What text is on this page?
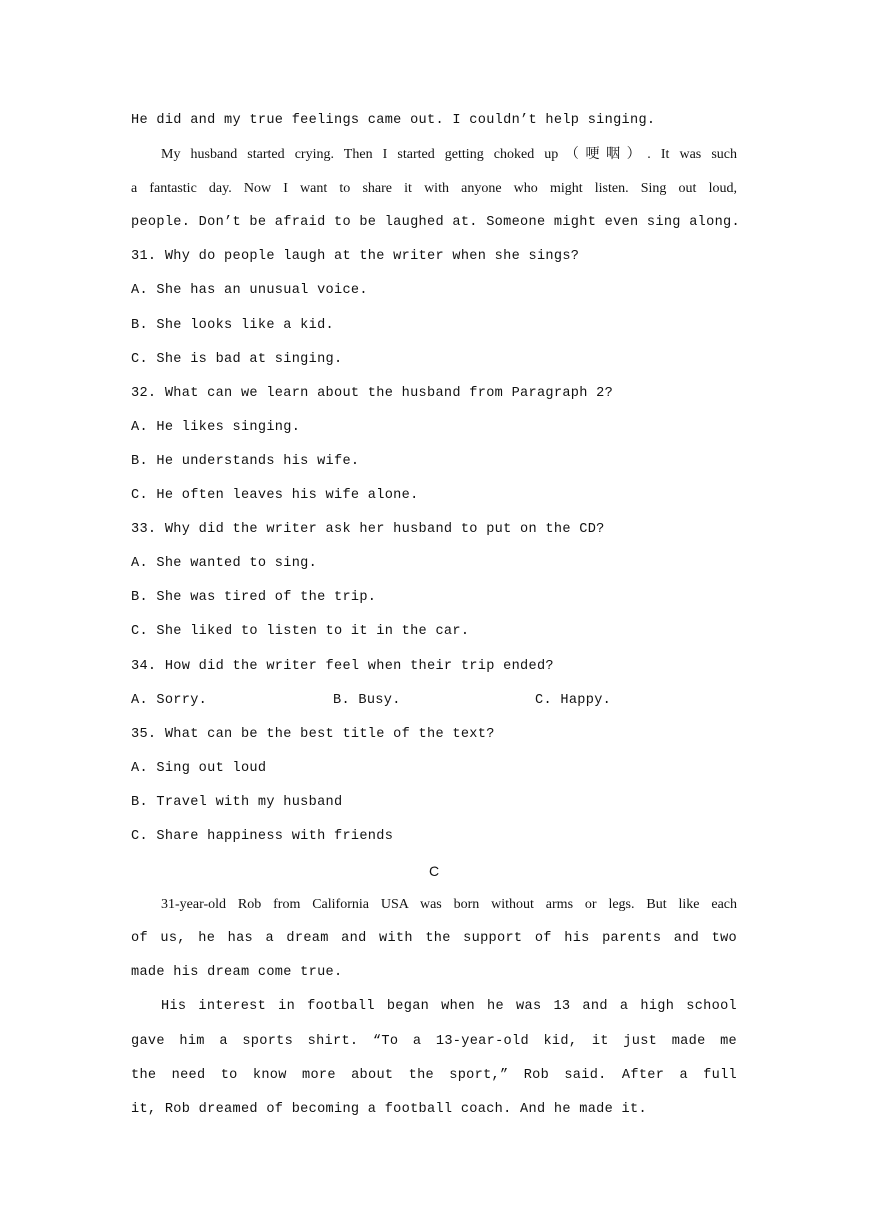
He did and my true feelings came out. I couldn’t help singing.
My husband started crying. Then I started getting choked up（哽咽）. It was such
a fantastic day. Now I want to share it with anyone who might listen. Sing out loud,
people. Don’t be afraid to be laughed at. Someone might even sing along.
31. Why do people laugh at the writer when she sings?
A. She has an unusual voice.
B. She looks like a kid.
C. She is bad at singing.
32. What can we learn about the husband from Paragraph 2?
A. He likes singing.
B. He understands his wife.
C. He often leaves his wife alone.
33. Why did the writer ask her husband to put on the CD?
A. She wanted to sing.
B. She was tired of the trip.
C. She liked to listen to it in the car.
34. How did the writer feel when their trip ended?
A. Sorry.	B. Busy.	C. Happy.
35. What can be the best title of the text?
A. Sing out loud
B. Travel with my husband
C. Share happiness with friends
C
31-year-old Rob from California USA was born without arms or legs. But like each
of us, he has a dream and with the support of his parents and two
made his dream come true.
His interest in football began when he was 13 and a high school
gave him a sports shirt. “To a 13-year-old kid, it just made me
the need to know more about the sport,” Rob said. After a full
it, Rob dreamed of becoming a football coach. And he made it.
